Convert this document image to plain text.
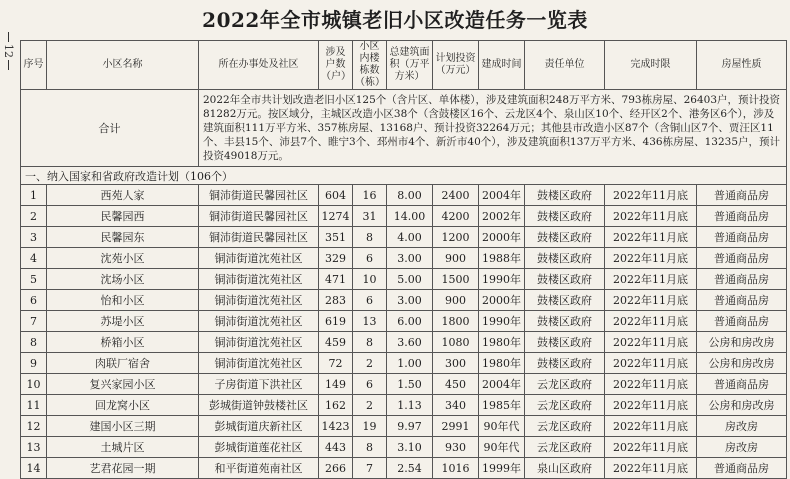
12
2022年全市城镇老旧小区改造任务一览表
序号	小区名称	所在办事处及社区	涉及户数（户）	小区内楼栋数（栋）	总建筑面积（万平方米）	计划投资（万元）	建成时间	责任单位	完成时限	房屋性质
合计		2022年全市共计划改造老旧小区125个（含片区、单体楼），涉及建筑面积248万平方米、793栋房屋、26403户，预计投资81282万元。按区域分，主城区改造小区38个（含鼓楼区16个、云龙区4个、泉山区10个、经开区2个、港务区6个），涉及建筑面积111万平方米、357栋房屋、13168户、预计投资32264万元；其他县市改造小区87个（含铜山区7个、贾汪区11个、丰县15个、沛县7个、睢宁3个、邳州市4个、新沂市40个），涉及建筑面积137万平方米、436栋房屋、13235户，预计投资49018万元。								
一、纳入国家和省政府改造计划（106个）										
1	西苑人家	铜沛街道民馨园社区	604	16	8.00	2400	2004年	鼓楼区政府	2022年11月底	普通商品房
2	民馨园西	铜沛街道民馨园社区	1274	31	14.00	4200	2002年	鼓楼区政府	2022年11月底	普通商品房
3	民馨园东	铜沛街道民馨园社区	351	8	4.00	1200	2000年	鼓楼区政府	2022年11月底	普通商品房
4	沈苑小区	铜沛街道沈苑社区	329	6	3.00	900	1988年	鼓楼区政府	2022年11月底	普通商品房
5	沈场小区	铜沛街道沈苑社区	471	10	5.00	1500	1990年	鼓楼区政府	2022年11月底	普通商品房
6	怡和小区	铜沛街道沈苑社区	283	6	3.00	900	2000年	鼓楼区政府	2022年11月底	普通商品房
7	苏堤小区	铜沛街道沈苑社区	619	13	6.00	1800	1990年	鼓楼区政府	2022年11月底	普通商品房
8	桥箱小区	铜沛街道沈苑社区	459	8	3.60	1080	1980年	鼓楼区政府	2022年11月底	公房和房改房
9	肉联厂宿舍	铜沛街道沈苑社区	72	2	1.00	300	1980年	鼓楼区政府	2022年11月底	公房和房改房
10	复兴家园小区	子房街道下洪社区	149	6	1.50	450	2004年	云龙区政府	2022年11月底	普通商品房
11	回龙窝小区	彭城街道钟鼓楼社区	162	2	1.13	340	1985年	云龙区政府	2022年11月底	公房和房改房
12	建国小区三期	彭城街道庆新社区	1423	19	9.97	2991	90年代	云龙区政府	2022年11月底	房改房
13	土城片区	彭城街道莲花社区	443	8	3.10	930	90年代	云龙区政府	2022年11月底	房改房
14	艺君花园一期	和平街道苑南社区	266	7	2.54	1016	1999年	泉山区政府	2022年11月底	普通商品房
